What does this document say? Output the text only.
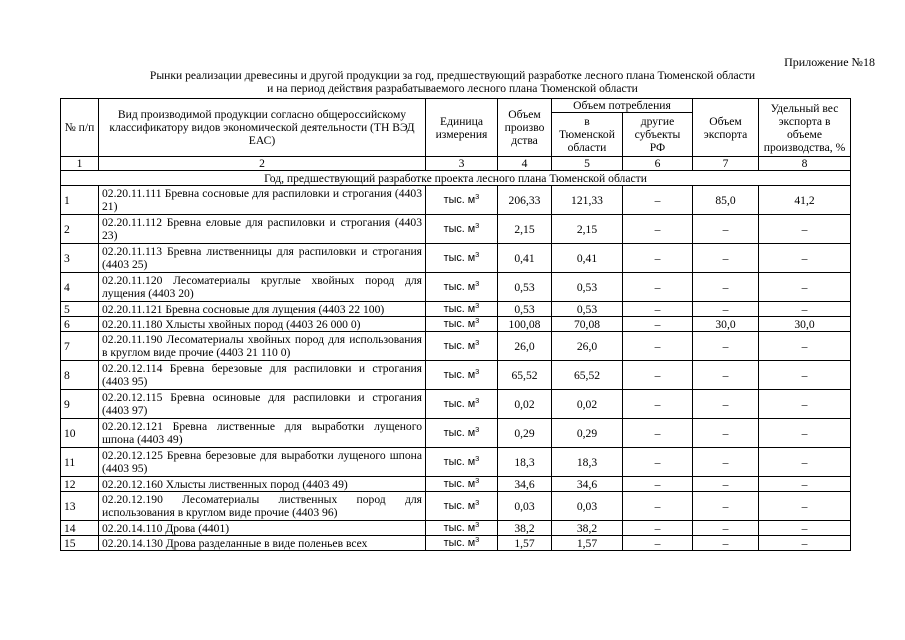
Приложение №18
Рынки реализации древесины и другой продукции за год, предшествующий разработке лесного плана Тюменской области
и на период действия разрабатываемого лесного плана Тюменской области
№ п/п	Вид производимой продукции согласно общероссийскому классификатору видов экономической деятельности (ТН ВЭД ЕАС)	Единица измерения	Объем произво дства	Объем потребления		Объем экспорта	Удельный вес экспорта в объеме производства, %
				в Тюменской области	другие субъекты РФ		
1	2	3	4	5	6	7	8
Год, предшествующий разработке проекта лесного плана Тюменской области							
1	02.20.11.111 Бревна сосновые для распиловки и строгания (4403 21)	тыс. $м^3$	206,33	121,33	–	85,0	41,2
2	02.20.11.112 Бревна еловые для распиловки и строгания (4403 23)	тыс. $м^3$	2,15	2,15	–	–	–
3	02.20.11.113 Бревна лиственницы для распиловки и строгания (4403 25)	тыс. $м^3$	0,41	0,41	–	–	–
4	02.20.11.120 Лесоматериалы круглые хвойных пород для лущения (4403 20)	тыс. $м^3$	0,53	0,53	–	–	–
5	02.20.11.121 Бревна сосновые для лущения (4403 22 100)	тыс. $м^3$	0,53	0,53	–	–	–
6	02.20.11.180 Хлысты хвойных пород (4403 26 000 0)	тыс. $м^3$	100,08	70,08	–	30,0	30,0
7	02.20.11.190 Лесоматериалы хвойных пород для использования в круглом виде прочие (4403 21 110 0)	тыс. $м^3$	26,0	26,0	–	–	–
8	02.20.12.114 Бревна березовые для распиловки и строгания (4403 95)	тыс. $м^3$	65,52	65,52	–	–	–
9	02.20.12.115 Бревна осиновые для распиловки и строгания (4403 97)	тыс. $м^3$	0,02	0,02	–	–	–
10	02.20.12.121 Бревна лиственные для выработки лущеного шпона (4403 49)	тыс. $м^3$	0,29	0,29	–	–	–
11	02.20.12.125 Бревна березовые для выработки лущеного шпона (4403 95)	тыс. $м^3$	18,3	18,3	–	–	–
12	02.20.12.160 Хлысты лиственных пород (4403 49)	тыс. $м^3$	34,6	34,6	–	–	–
13	02.20.12.190 Лесоматериалы лиственных пород для использования в круглом виде прочие (4403 96)	тыс. $м^3$	0,03	0,03	–	–	–
14	02.20.14.110 Дрова (4401)	тыс. $м^3$	38,2	38,2	–	–	–
15	02.20.14.130 Дрова разделанные в виде поленьев всех	тыс. $м^3$	1,57	1,57	–	–	–
